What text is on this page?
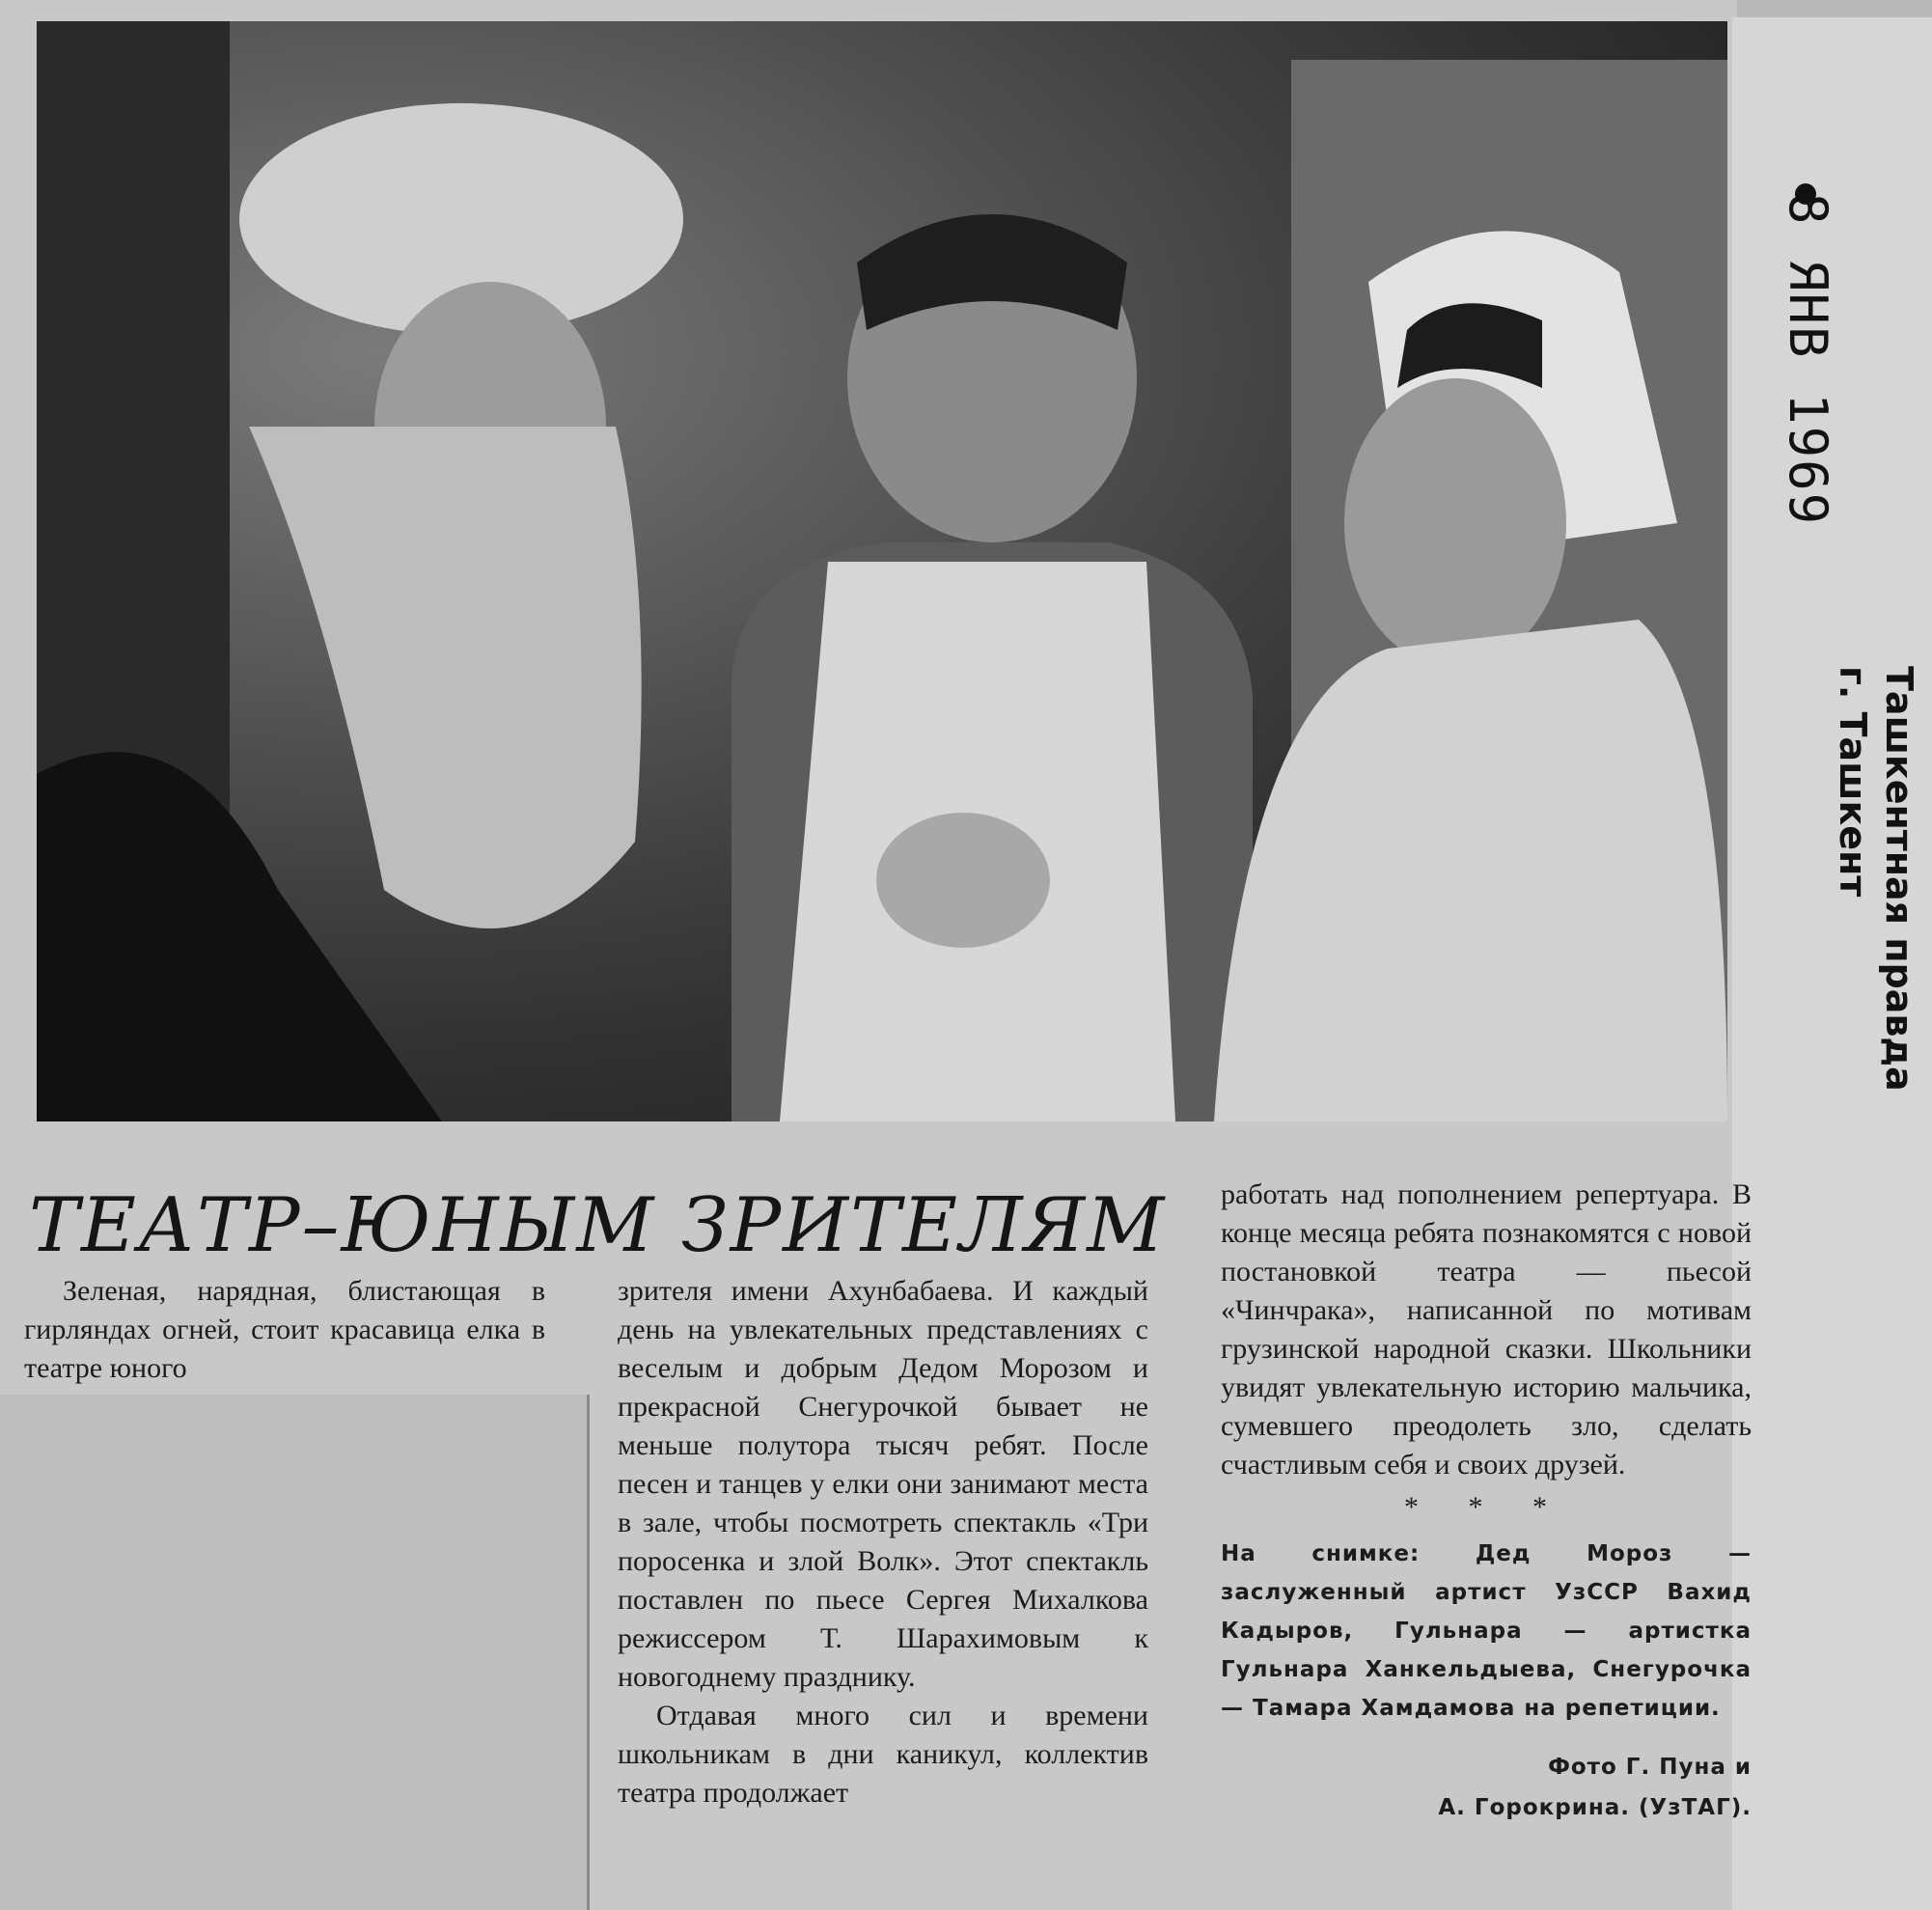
8 ЯНВ 1969
Ташкентная правда
г. Ташкент
ТЕАТР–ЮНЫМ ЗРИТЕЛЯМ

Зеленая, нарядная, блистающая в гирляндах огней, стоит красавица елка в театре юного

зрителя имени Ахунбабаева. И каждый день на увлекательных представлениях с веселым и добрым Дедом Морозом и прекрасной Снегурочкой бывает не меньше полутора тысяч ребят. После песен и танцев у елки они занимают места в зале, чтобы посмотреть спектакль «Три поросенка и злой Волк». Этот спектакль поставлен по пьесе Сергея Михалкова режиссером Т. Шарахимовым к новогоднему празднику.

Отдавая много сил и времени школьникам в дни каникул, коллектив театра продолжает

работать над пополнением репертуара. В конце месяца ребята познакомятся с новой постановкой театра — пьесой «Чинчрака», написанной по мотивам грузинской народной сказки. Школьники увидят увлекательную историю мальчика, сумевшего преодолеть зло, сделать счастливым себя и своих друзей.

* * *
На снимке: Дед Мороз — заслуженный артист УзССР Вахид Кадыров, Гульнара — артистка Гульнара Ханкельдыева, Снегурочка — Тамара Хамдамова на репетиции.
Фото Г. Пуна и
А. Горокрина. (УзТАГ).
